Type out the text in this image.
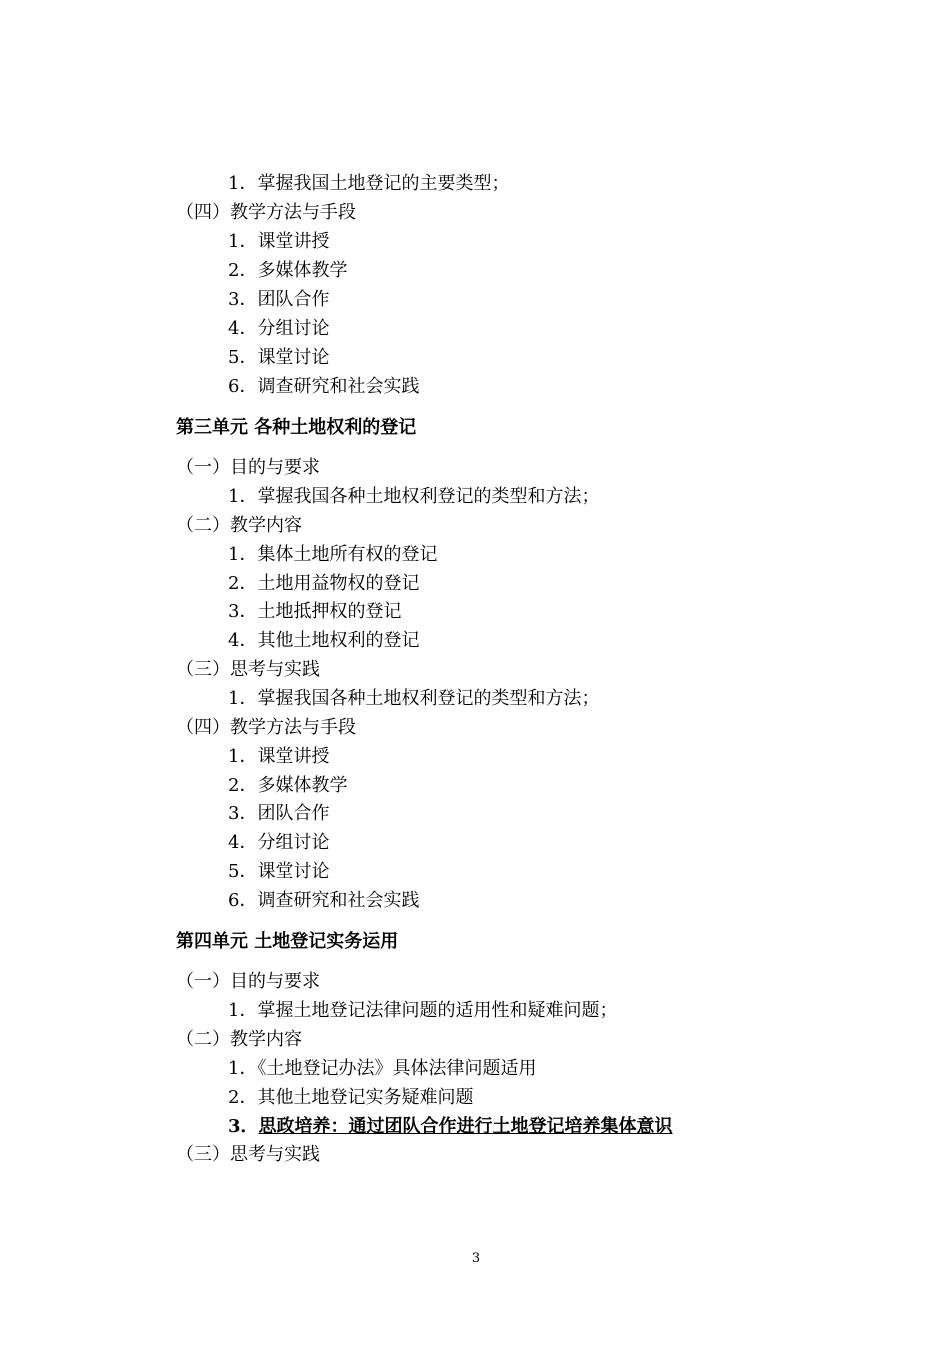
1．掌握我国土地登记的主要类型；
（四）教学方法与手段
1．课堂讲授
2．多媒体教学
3．团队合作
4．分组讨论
5．课堂讨论
6．调查研究和社会实践
第三单元 各种土地权利的登记
（一）目的与要求
1．掌握我国各种土地权利登记的类型和方法；
（二）教学内容
1．集体土地所有权的登记
2．土地用益物权的登记
3．土地抵押权的登记
4．其他土地权利的登记
（三）思考与实践
1．掌握我国各种土地权利登记的类型和方法；
（四）教学方法与手段
1．课堂讲授
2．多媒体教学
3．团队合作
4．分组讨论
5．课堂讨论
6．调查研究和社会实践
第四单元 土地登记实务运用
（一）目的与要求
1．掌握土地登记法律问题的适用性和疑难问题；
（二）教学内容
1．《土地登记办法》具体法律问题适用
2．其他土地登记实务疑难问题
3．思政培养：通过团队合作进行土地登记培养集体意识
（三）思考与实践
3
